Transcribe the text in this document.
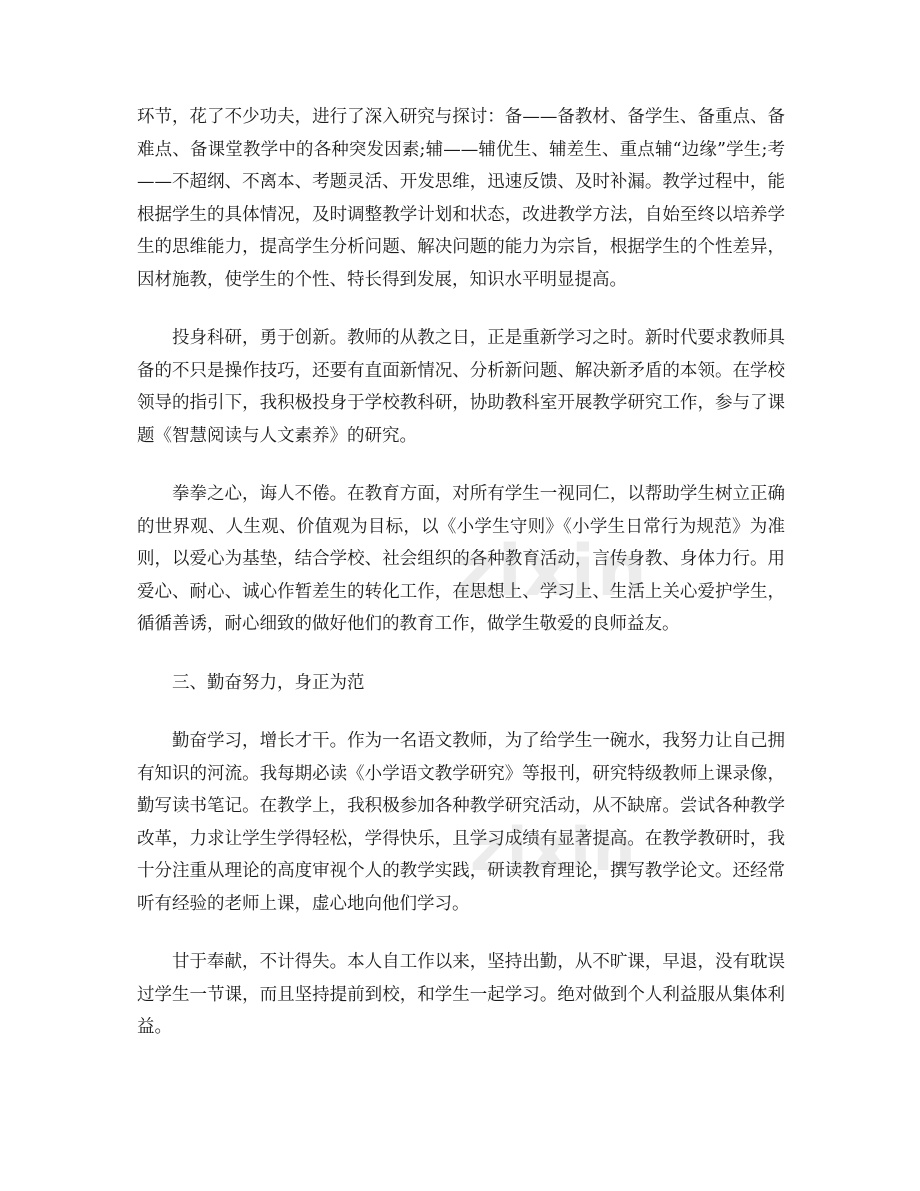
环节，花了不少功夫，进行了深入研究与探讨：备——备教材、备学生、备重点、备难点、备课堂教学中的各种突发因素;辅——辅优生、辅差生、重点辅“边缘”学生;考——不超纲、不离本、考题灵活、开发思维，迅速反馈、及时补漏。教学过程中，能根据学生的具体情况，及时调整教学计划和状态，改进教学方法，自始至终以培养学生的思维能力，提高学生分析问题、解决问题的能力为宗旨，根据学生的个性差异，因材施教，使学生的个性、特长得到发展，知识水平明显提高。

投身科研，勇于创新。教师的从教之日，正是重新学习之时。新时代要求教师具备的不只是操作技巧，还要有直面新情况、分析新问题、解决新矛盾的本领。在学校领导的指引下，我积极投身于学校教科研，协助教科室开展教学研究工作，参与了课题《智慧阅读与人文素养》的研究。

拳拳之心，诲人不倦。在教育方面，对所有学生一视同仁，以帮助学生树立正确的世界观、人生观、价值观为目标，以《小学生守则》《小学生日常行为规范》为准则，以爱心为基垫，结合学校、社会组织的各种教育活动，言传身教、身体力行。用爱心、耐心、诚心作暂差生的转化工作，在思想上、学习上、生活上关心爱护学生，循循善诱，耐心细致的做好他们的教育工作，做学生敬爱的良师益友。

三、勤奋努力，身正为范

勤奋学习，增长才干。作为一名语文教师，为了给学生一碗水，我努力让自己拥有知识的河流。我每期必读《小学语文教学研究》等报刊，研究特级教师上课录像，勤写读书笔记。在教学上，我积极参加各种教学研究活动，从不缺席。尝试各种教学改革，力求让学生学得轻松，学得快乐，且学习成绩有显著提高。在教学教研时，我十分注重从理论的高度审视个人的教学实践，研读教育理论，撰写教学论文。还经常听有经验的老师上课，虚心地向他们学习。

甘于奉献，不计得失。本人自工作以来，坚持出勤，从不旷课，早退，没有耽误过学生一节课，而且坚持提前到校，和学生一起学习。绝对做到个人利益服从集体利益。

zixin
zixin
